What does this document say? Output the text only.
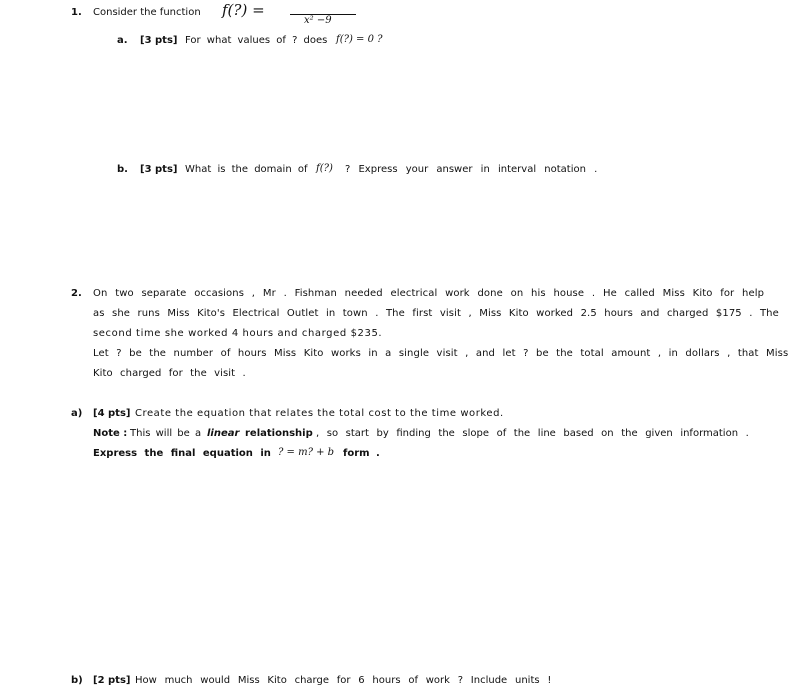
1. Consider the function f(?) =
x² −9
a. [3 pts] For what values of ? does f(?) = 0 ?
b. [3 pts] What is the domain of f(?) ? Express your answer in interval notation .
2. On two separate occasions , Mr . Fishman needed electrical work done on his house . He called Miss Kito for help
as she runs Miss Kito's Electrical Outlet in town . The first visit , Miss Kito worked 2.5 hours and charged $175 . The
second time she worked 4 hours and charged $235.
Let ? be the number of hours Miss Kito works in a single visit , and let ? be the total amount , in dollars , that Miss
Kito charged for the visit .
a) [4 pts] Create the equation that relates the total cost to the time worked.
Note : This will be a linear relationship , so start by finding the slope of the line based on the given information .
Express the final equation in ? = m? + b form .
b) [2 pts] How much would Miss Kito charge for 6 hours of work ? Include units !
